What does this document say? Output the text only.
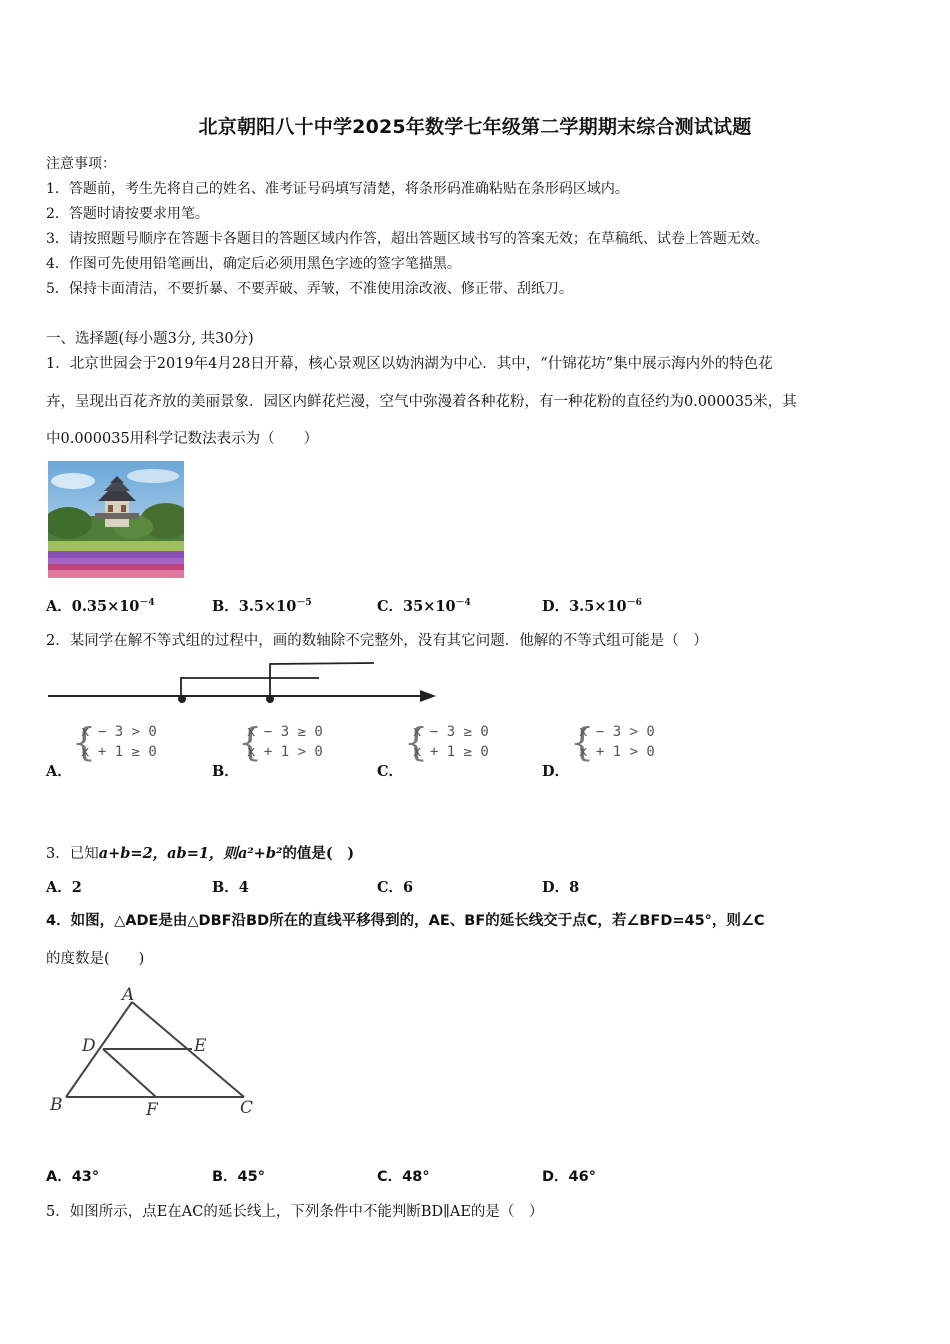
北京朝阳八十中学2025年数学七年级第二学期期末综合测试试题
注意事项：
1．答题前，考生先将自己的姓名、准考证号码填写清楚，将条形码准确粘贴在条形码区域内。
2．答题时请按要求用笔。
3．请按照题号顺序在答题卡各题目的答题区域内作答，超出答题区域书写的答案无效；在草稿纸、试卷上答题无效。
4．作图可先使用铅笔画出，确定后必须用黑色字迹的签字笔描黑。
5．保持卡面清洁，不要折暴、不要弄破、弄皱，不准使用涂改液、修正带、刮纸刀。
一、选择题(每小题3分, 共30分)
1．北京世园会于2019年4月28日开幕，核心景观区以妫汭湖为中心．其中，“什锦花坊”集中展示海内外的特色花
卉，呈现出百花齐放的美丽景象．园区内鲜花烂漫，空气中弥漫着各种花粉，有一种花粉的直径约为0.000035米，其
中0.000035用科学记数法表示为（　　）
A．$0.35\times 10^{-4}$	B．$3.5\times 10^{-5}$	C．$35\times 10^{-4}$	D．$3.5\times 10^{-6}$
2．某同学在解不等式组的过程中，画的数轴除不完整外，没有其它问题．他解的不等式组可能是（　）
A．
{
x − 3 > 0
x + 1 ≥ 0
B．
{
x − 3 ≥ 0
x + 1 > 0
C．
{
x − 3 ≥ 0
x + 1 ≥ 0
D．
{
x − 3 > 0
x + 1 > 0
3．已知a+b=2，ab=1，则a²+b²的值是(　)
A．2	B．4	C．6	D．8
4．如图，△ADE是由△DBF沿BD所在的直线平移得到的，AE、BF的延长线交于点C，若∠BFD=45°，则∠C
的度数是(　　)
A
D	E
B	F	C
A．43°	B．45°	C．48°	D．46°
5．如图所示，点E在AC的延长线上，下列条件中不能判断BD∥AE的是（　）
